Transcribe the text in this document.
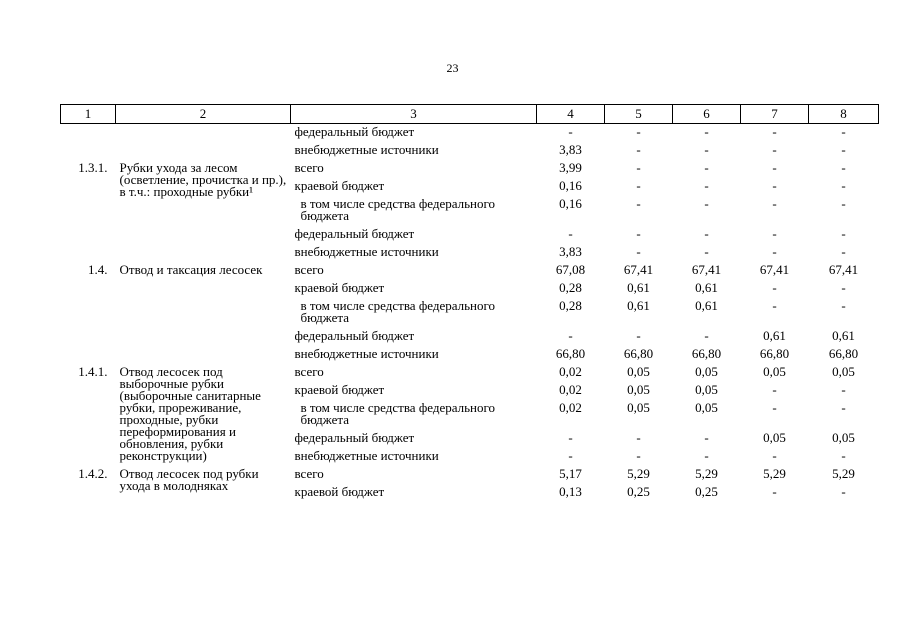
23
1	2	3	4	5	6	7	8
		федеральный бюджет	-	-	-	-	-
		внебюджетные источники	3,83	-	-	-	-
1.3.1.	Рубки ухода за лесом (осветление, прочистка и пр.), в т.ч.: проходные рубки¹	всего	3,99	-	-	-	-
		краевой бюджет	0,16	-	-	-	-
		в том числе средства федерального бюджета	0,16	-	-	-	-
		федеральный бюджет	-	-	-	-	-
		внебюджетные источники	3,83	-	-	-	-
1.4.	Отвод и таксация лесосек	всего	67,08	67,41	67,41	67,41	67,41
		краевой бюджет	0,28	0,61	0,61	-	-
		в том числе средства федерального бюджета	0,28	0,61	0,61	-	-
		федеральный бюджет	-	-	-	0,61	0,61
		внебюджетные источники	66,80	66,80	66,80	66,80	66,80
1.4.1.	Отвод лесосек под выборочные рубки (выборочные санитарные рубки, прореживание, проходные, рубки переформирования и обновления, рубки реконструкции)	всего	0,02	0,05	0,05	0,05	0,05
		краевой бюджет	0,02	0,05	0,05	-	-
		в том числе средства федерального бюджета	0,02	0,05	0,05	-	-
		федеральный бюджет	-	-	-	0,05	0,05
		внебюджетные источники	-	-	-	-	-
1.4.2.	Отвод лесосек под рубки ухода в молодняках	всего	5,17	5,29	5,29	5,29	5,29
		краевой бюджет	0,13	0,25	0,25	-	-
